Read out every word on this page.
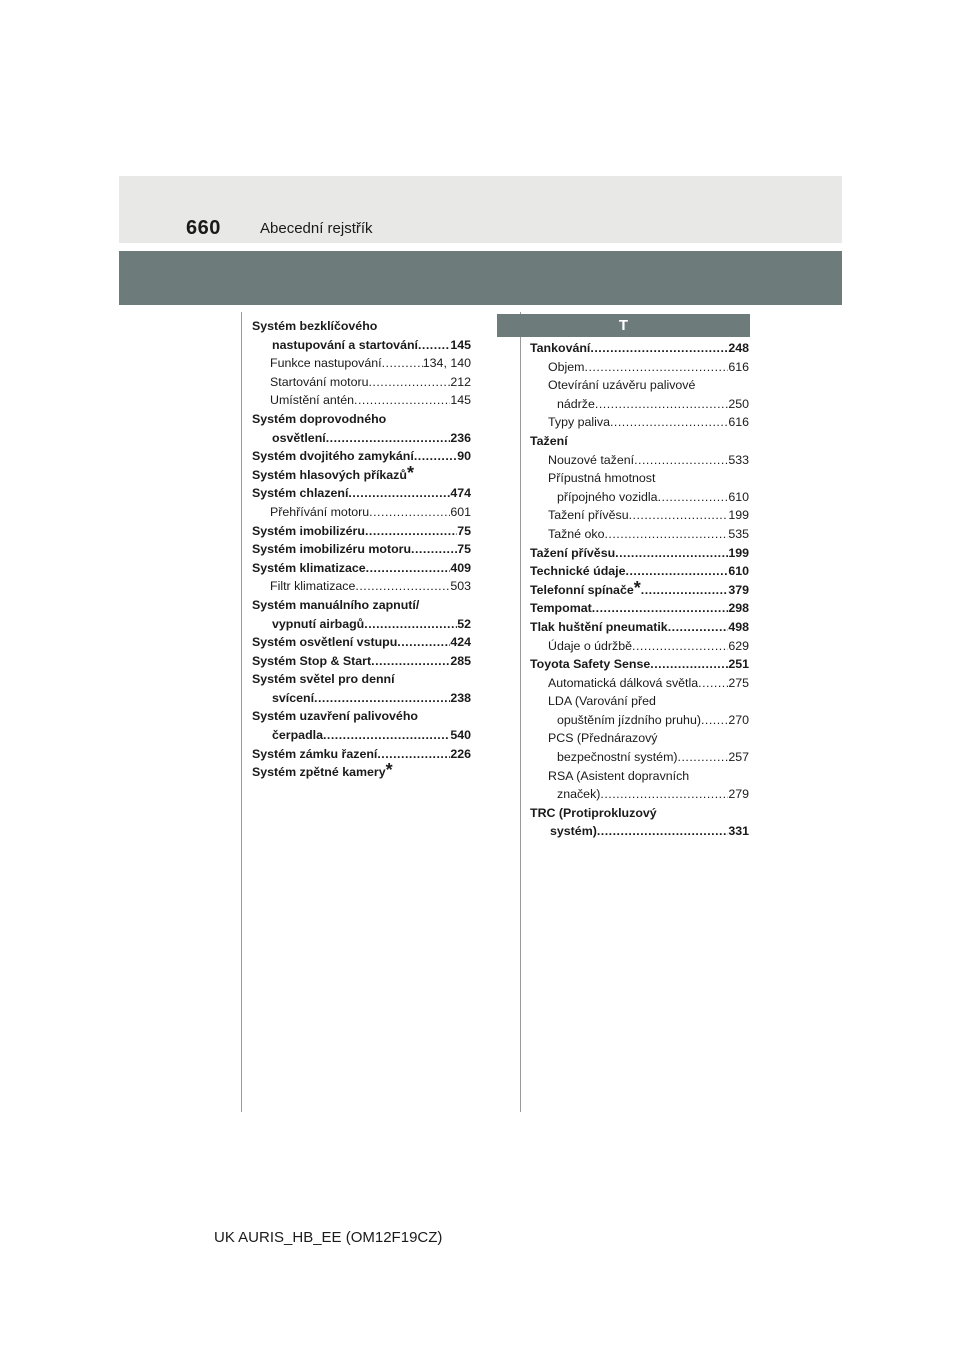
660	Abecední rejstřík
T
Systém bezklíčového
nastupování a startování .....	145
Funkce nastupování .....	134, 140
Startování motoru .....	212
Umístění antén .....	145
Systém doprovodného
osvětlení .....	236
Systém dvojitého zamykání .....	90
Systém hlasových příkazů *
Systém chlazení .....	474
Přehřívání motoru .....	601
Systém imobilizéru .....	75
Systém imobilizéru motoru .....	75
Systém klimatizace .....	409
Filtr klimatizace .....	503
Systém manuálního zapnutí/
vypnutí airbagů .....	52
Systém osvětlení vstupu .....	424
Systém Stop & Start .....	285
Systém světel pro denní
svícení .....	238
Systém uzavření palivového
čerpadla .....	540
Systém zámku řazení .....	226
Systém zpětné kamery *
Tankování .....	248
Objem .....	616
Otevírání uzávěru palivové
nádrže .....	250
Typy paliva .....	616
Tažení
Nouzové tažení .....	533
Přípustná hmotnost
přípojného vozidla .....	610
Tažení přívěsu .....	199
Tažné oko .....	535
Tažení přívěsu .....	199
Technické údaje .....	610
Telefonní spínače * .....	379
Tempomat .....	298
Tlak huštění pneumatik .....	498
Údaje o údržbě .....	629
Toyota Safety Sense .....	251
Automatická dálková světla ..... 275
LDA (Varování před
opuštěním jízdního pruhu) ..... 270
PCS (Přednárazový
bezpečnostní systém) .....	257
RSA (Asistent dopravních
značek) .....	279
TRC (Protiprokluzový
systém) .....	331
UK AURIS_HB_EE (OM12F19CZ)
